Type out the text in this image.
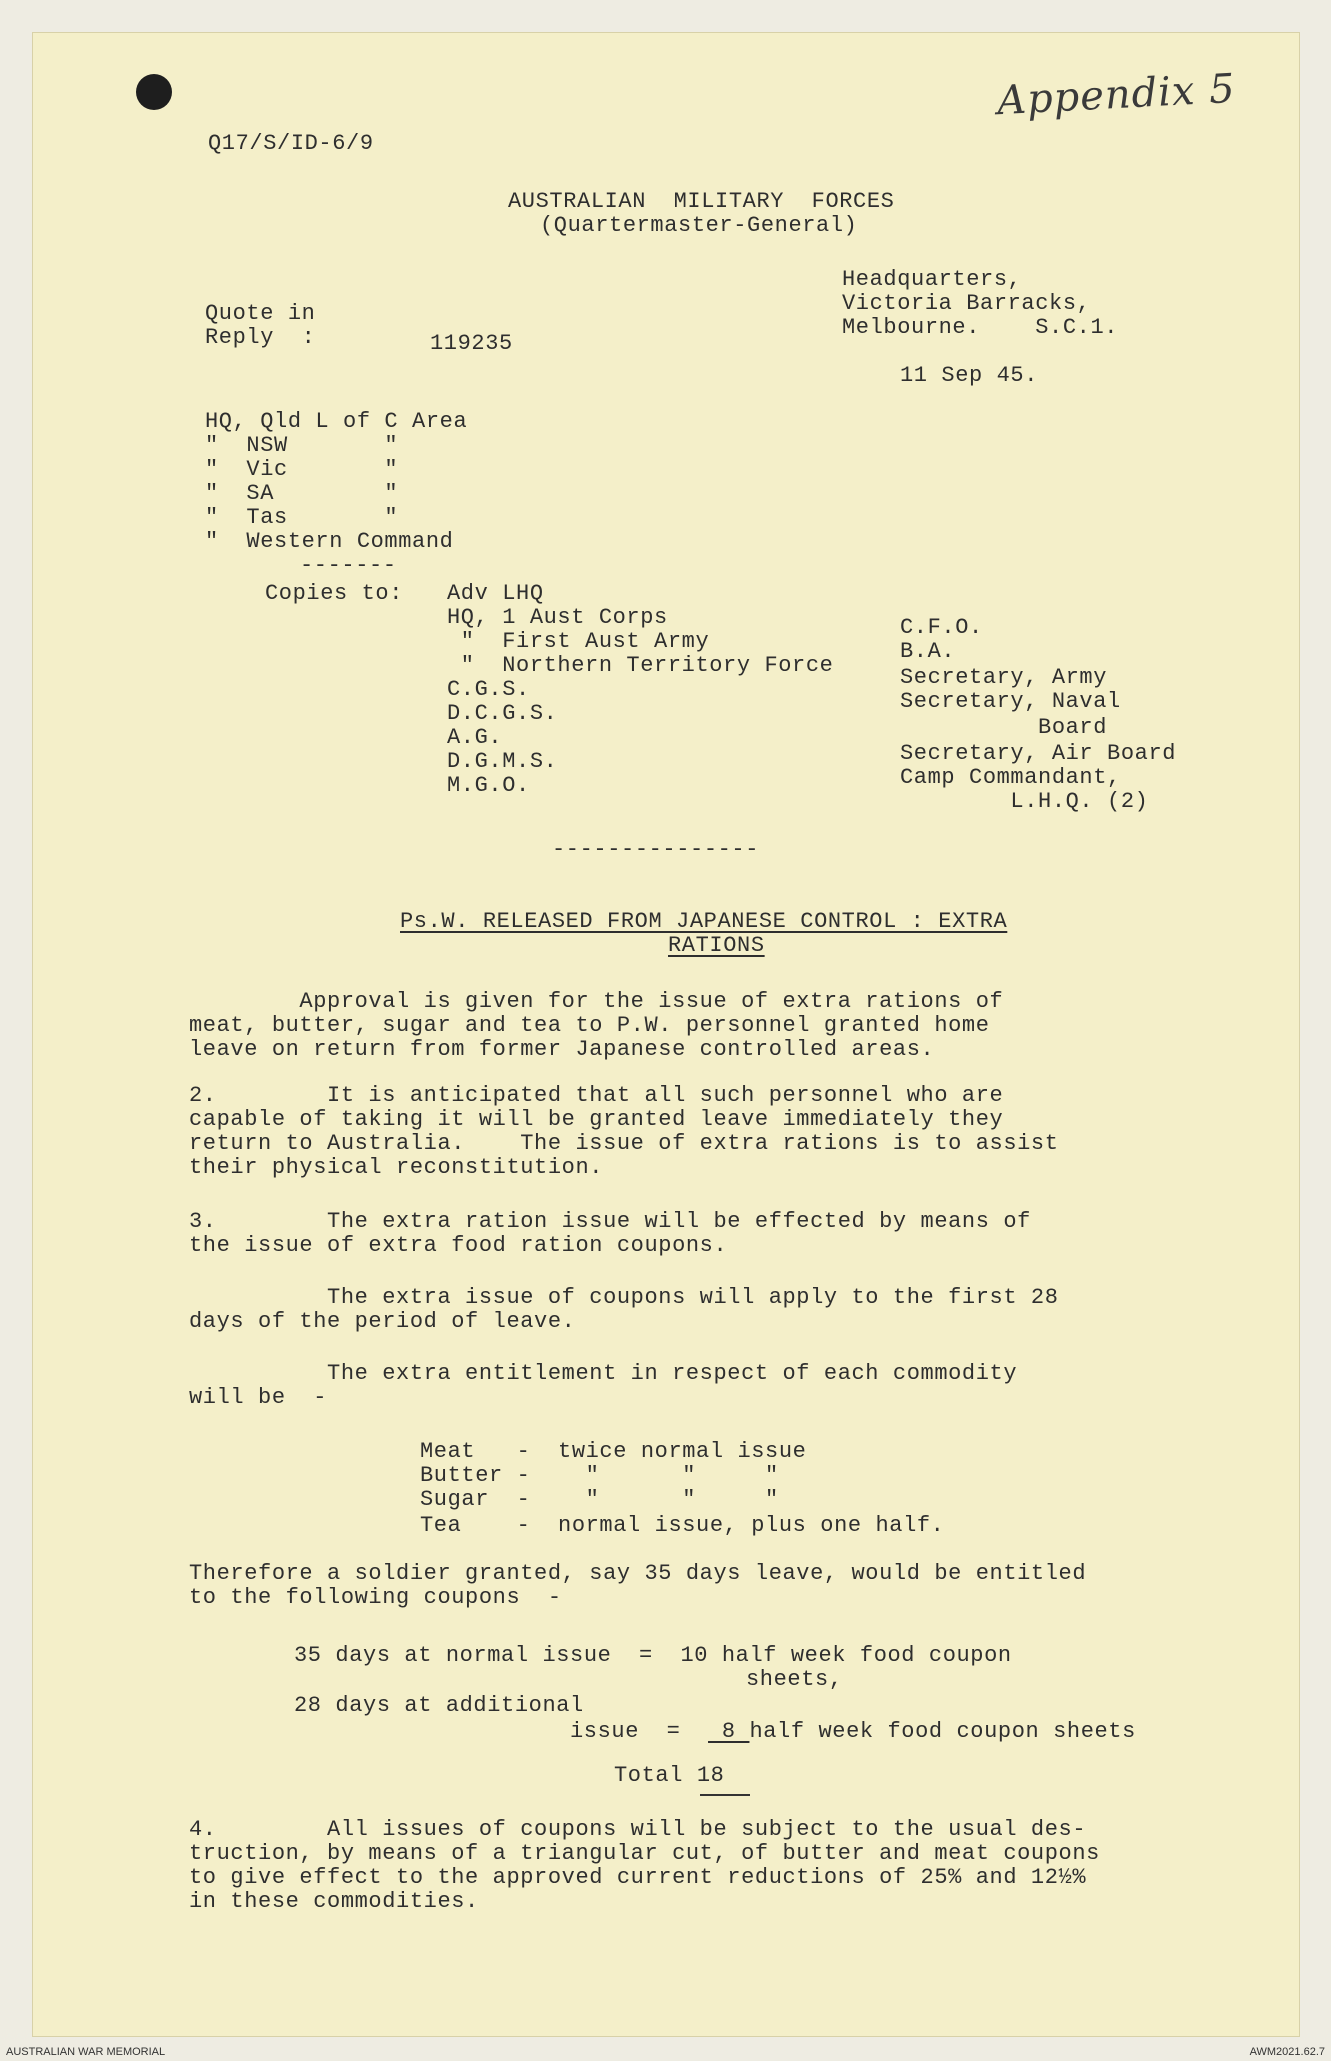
Appendix 5
Q17/S/ID-6/9
AUSTRALIAN  MILITARY  FORCES
(Quartermaster-General)
Headquarters,
Victoria Barracks,
Melbourne.    S.C.1.
Quote in
Reply  :	119235
11 Sep 45.
HQ, Qld L of C Area
"  NSW       "
"  Vic       "
"  SA        "
"  Tas       "
"  Western Command
-------
Copies to: Adv LHQ
HQ, 1 Aust Corps
"  First Aust Army
"  Northern Territory Force
C.G.S.
D.C.G.S.
A.G.
D.G.M.S.
M.G.O.
C.F.O.
B.A.
Secretary, Army
Secretary, Naval
Board
Secretary, Air Board
Camp Commandant,
L.H.Q. (2)
---------------
Ps.W. RELEASED FROM JAPANESE CONTROL : EXTRA
RATIONS
Approval is given for the issue of extra rations of
meat, butter, sugar and tea to P.W. personnel granted home
leave on return from former Japanese controlled areas.
2.        It is anticipated that all such personnel who are
capable of taking it will be granted leave immediately they
return to Australia.    The issue of extra rations is to assist
their physical reconstitution.
3.        The extra ration issue will be effected by means of
the issue of extra food ration coupons.
The extra issue of coupons will apply to the first 28
days of the period of leave.
The extra entitlement in respect of each commodity
will be  -
Meat   -  twice normal issue
Butter -    "      "     "
Sugar  -    "      "     "
Tea    -  normal issue, plus one half.
Therefore a soldier granted, say 35 days leave, would be entitled
to the following coupons  -
35 days at normal issue  =  10 half week food coupon
sheets,
28 days at additional
issue  =   8 half week food coupon sheets
Total 18
4.        All issues of coupons will be subject to the usual des-
truction, by means of a triangular cut, of butter and meat coupons
to give effect to the approved current reductions of 25% and 12½%
in these commodities.
AUSTRALIAN WAR MEMORIAL	AWM2021.62.7
